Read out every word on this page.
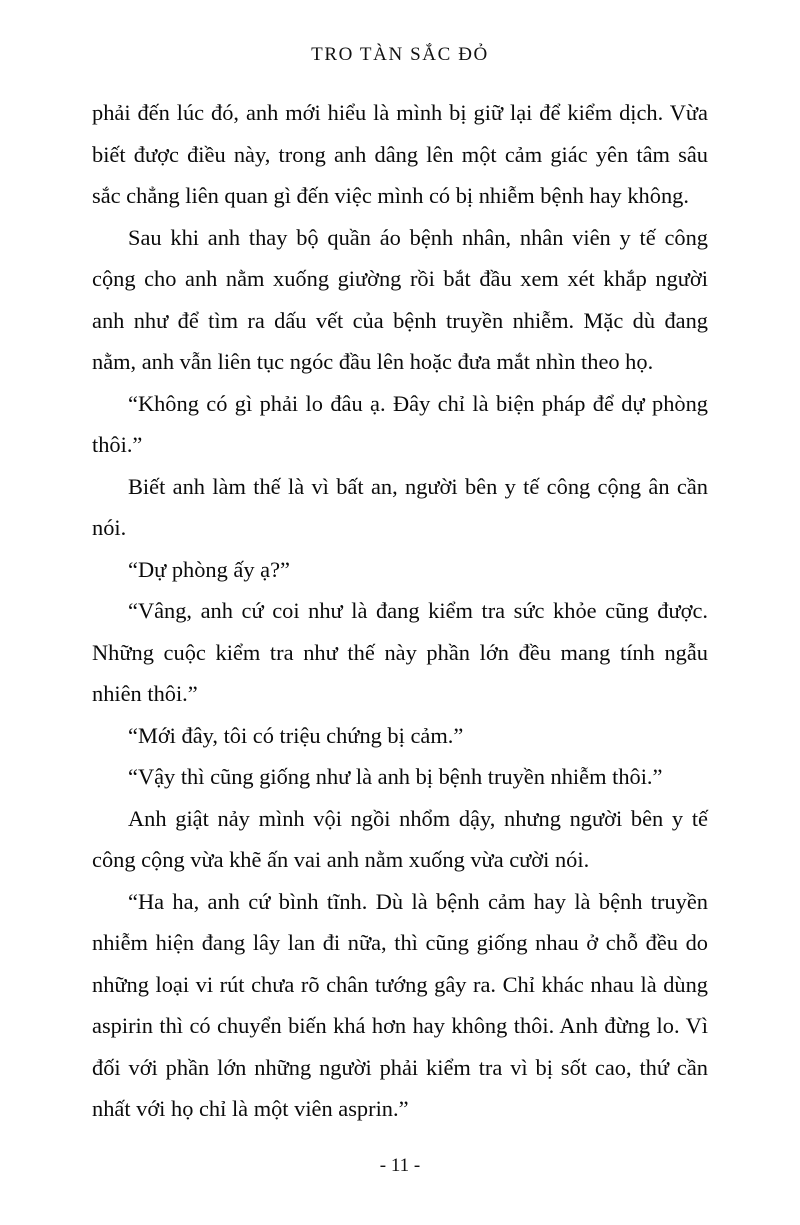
TRO TÀN SẮC ĐỎ

phải đến lúc đó, anh mới hiểu là mình bị giữ lại để kiểm dịch. Vừa biết được điều này, trong anh dâng lên một cảm giác yên tâm sâu sắc chẳng liên quan gì đến việc mình có bị nhiễm bệnh hay không.

Sau khi anh thay bộ quần áo bệnh nhân, nhân viên y tế công cộng cho anh nằm xuống giường rồi bắt đầu xem xét khắp người anh như để tìm ra dấu vết của bệnh truyền nhiễm. Mặc dù đang nằm, anh vẫn liên tục ngóc đầu lên hoặc đưa mắt nhìn theo họ.

“Không có gì phải lo đâu ạ. Đây chỉ là biện pháp để dự phòng thôi.”

Biết anh làm thế là vì bất an, người bên y tế công cộng ân cần nói.

“Dự phòng ấy ạ?”

“Vâng, anh cứ coi như là đang kiểm tra sức khỏe cũng được. Những cuộc kiểm tra như thế này phần lớn đều mang tính ngẫu nhiên thôi.”

“Mới đây, tôi có triệu chứng bị cảm.”

“Vậy thì cũng giống như là anh bị bệnh truyền nhiễm thôi.”

Anh giật nảy mình vội ngồi nhổm dậy, nhưng người bên y tế công cộng vừa khẽ ấn vai anh nằm xuống vừa cười nói.

“Ha ha, anh cứ bình tĩnh. Dù là bệnh cảm hay là bệnh truyền nhiễm hiện đang lây lan đi nữa, thì cũng giống nhau ở chỗ đều do những loại vi rút chưa rõ chân tướng gây ra. Chỉ khác nhau là dùng aspirin thì có chuyển biến khá hơn hay không thôi. Anh đừng lo. Vì đối với phần lớn những người phải kiểm tra vì bị sốt cao, thứ cần nhất với họ chỉ là một viên asprin.”

- 11 -
